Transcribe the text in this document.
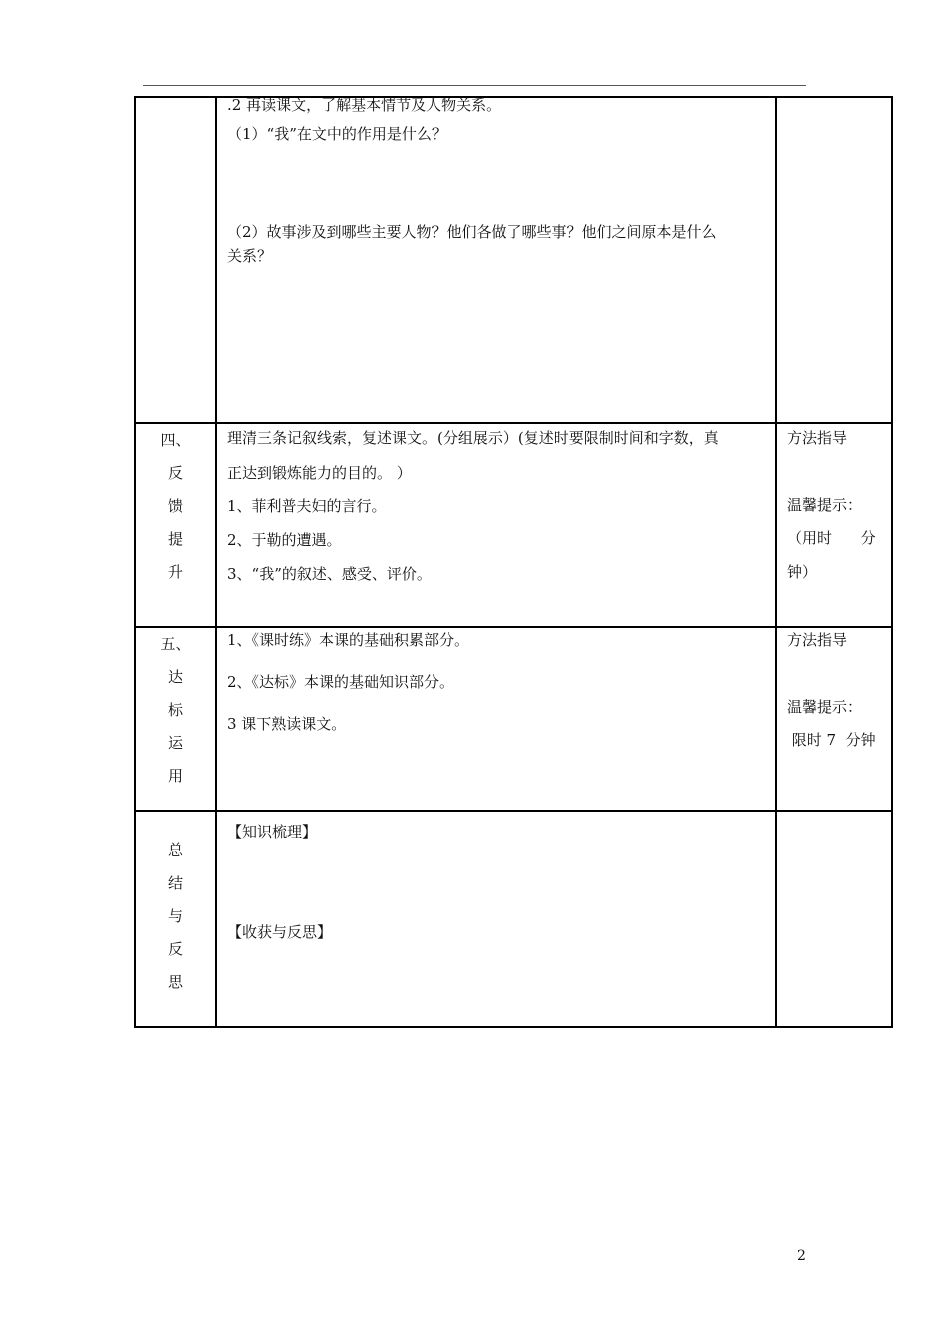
	.2 再读课文，了解基本情节及人物关系。
（1）“我”在文中的作用是什么？
（2）故事涉及到哪些主要人物？他们各做了哪些事？他们之间原本是什么
关系？	

四、
反
馈
提
升	理清三条记叙线索，复述课文。(分组展示）(复述时要限制时间和字数，真
正达到锻炼能力的目的。 ）
1、菲利普夫妇的言行。
2、于勒的遭遇。
3、“我”的叙述、感受、评价。	方法指导
温馨提示：
（用时      分
钟）

五、
达
标
运
用	1、《课时练》本课的基础积累部分。
2、《达标》本课的基础知识部分。
3 课下熟读课文。	方法指导
温馨提示：
限时 7  分钟

总
结
与
反
思	【知识梳理】
【收获与反思】	

2
